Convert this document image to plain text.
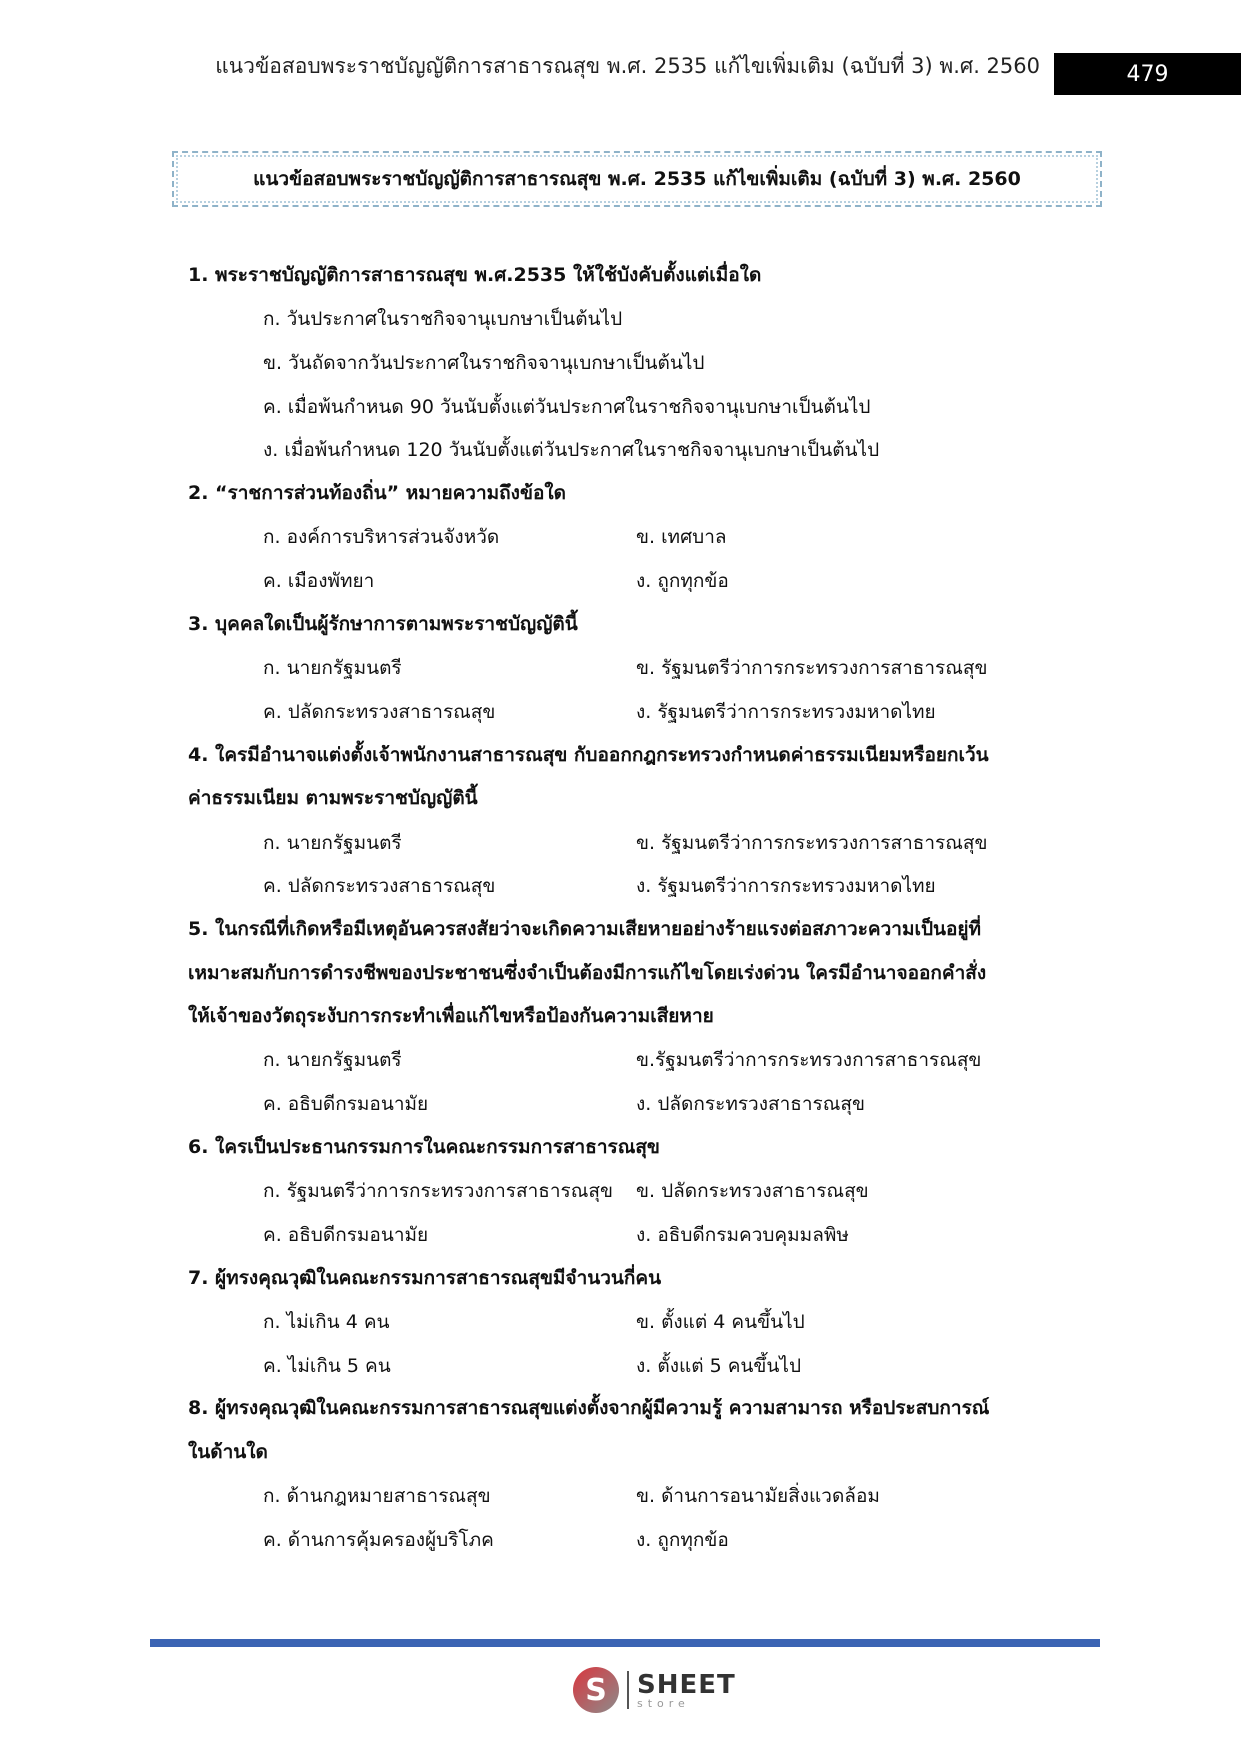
แนวข้อสอบพระราชบัญญัติการสาธารณสุข พ.ศ. 2535 แก้ไขเพิ่มเติม (ฉบับที่ 3) พ.ศ. 2560	479
แนวข้อสอบพระราชบัญญัติการสาธารณสุข พ.ศ. 2535 แก้ไขเพิ่มเติม (ฉบับที่ 3) พ.ศ. 2560

1. พระราชบัญญัติการสาธารณสุข พ.ศ.2535 ให้ใช้บังคับตั้งแต่เมื่อใด

ก. วันประกาศในราชกิจจานุเบกษาเป็นต้นไป
ข. วันถัดจากวันประกาศในราชกิจจานุเบกษาเป็นต้นไป
ค. เมื่อพ้นกำหนด 90 วันนับตั้งแต่วันประกาศในราชกิจจานุเบกษาเป็นต้นไป
ง. เมื่อพ้นกำหนด 120 วันนับตั้งแต่วันประกาศในราชกิจจานุเบกษาเป็นต้นไป

2. “ราชการส่วนท้องถิ่น” หมายความถึงข้อใด

ก. องค์การบริหารส่วนจังหวัด	ข. เทศบาล
ค. เมืองพัทยา	ง. ถูกทุกข้อ

3. บุคคลใดเป็นผู้รักษาการตามพระราชบัญญัตินี้

ก. นายกรัฐมนตรี	ข. รัฐมนตรีว่าการกระทรวงการสาธารณสุข
ค. ปลัดกระทรวงสาธารณสุข	ง. รัฐมนตรีว่าการกระทรวงมหาดไทย

4. ใครมีอำนาจแต่งตั้งเจ้าพนักงานสาธารณสุข กับออกกฎกระทรวงกำหนดค่าธรรมเนียมหรือยกเว้น

ค่าธรรมเนียม ตามพระราชบัญญัตินี้

ก. นายกรัฐมนตรี	ข. รัฐมนตรีว่าการกระทรวงการสาธารณสุข
ค. ปลัดกระทรวงสาธารณสุข	ง. รัฐมนตรีว่าการกระทรวงมหาดไทย

5. ในกรณีที่เกิดหรือมีเหตุอันควรสงสัยว่าจะเกิดความเสียหายอย่างร้ายแรงต่อสภาวะความเป็นอยู่ที่

เหมาะสมกับการดำรงชีพของประชาชนซึ่งจำเป็นต้องมีการแก้ไขโดยเร่งด่วน ใครมีอำนาจออกคำสั่ง

ให้เจ้าของวัตถุระงับการกระทำเพื่อแก้ไขหรือป้องกันความเสียหาย

ก. นายกรัฐมนตรี	ข.รัฐมนตรีว่าการกระทรวงการสาธารณสุข
ค. อธิบดีกรมอนามัย	ง. ปลัดกระทรวงสาธารณสุข

6. ใครเป็นประธานกรรมการในคณะกรรมการสาธารณสุข

ก. รัฐมนตรีว่าการกระทรวงการสาธารณสุข	ข. ปลัดกระทรวงสาธารณสุข
ค. อธิบดีกรมอนามัย	ง. อธิบดีกรมควบคุมมลพิษ

7. ผู้ทรงคุณวุฒิในคณะกรรมการสาธารณสุขมีจำนวนกี่คน

ก. ไม่เกิน 4 คน	ข. ตั้งแต่ 4 คนขึ้นไป
ค. ไม่เกิน 5 คน	ง. ตั้งแต่ 5 คนขึ้นไป

8. ผู้ทรงคุณวุฒิในคณะกรรมการสาธารณสุขแต่งตั้งจากผู้มีความรู้ ความสามารถ หรือประสบการณ์

ในด้านใด

ก. ด้านกฎหมายสาธารณสุข	ข. ด้านการอนามัยสิ่งแวดล้อม
ค. ด้านการคุ้มครองผู้บริโภค	ง. ถูกทุกข้อ
S	SHEET
store
